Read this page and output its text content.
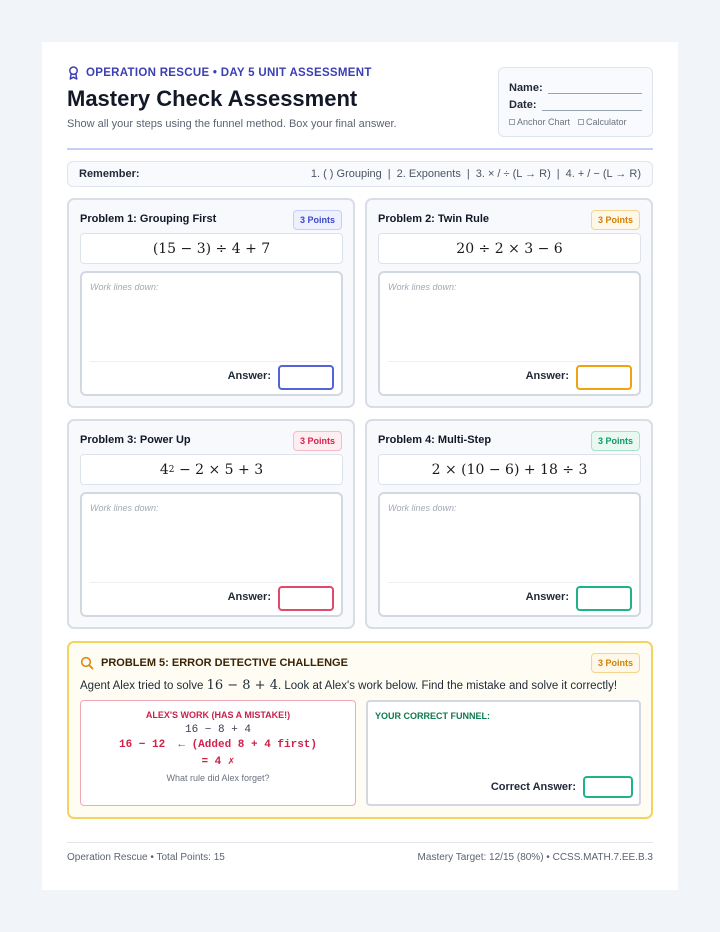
OPERATION RESCUE • DAY 5 UNIT ASSESSMENT
Mastery Check Assessment
Show all your steps using the funnel method. Box your final answer.
Name:
Date:
Anchor Chart	Calculator
Remember:	1. ( ) Grouping | 2. Exponents | 3. × / ÷ (L → R) | 4. + / − (L → R)
Problem 1: Grouping First	3 Points
(15 − 3) ÷ 4 + 7
Work lines down:
Answer:
Problem 2: Twin Rule	3 Points
20 ÷ 2 × 3 − 6
Work lines down:
Answer:
Problem 3: Power Up	3 Points
4 2 − 2 × 5 + 3
Work lines down:
Answer:
Problem 4: Multi-Step	3 Points
2 × (10 − 6) + 18 ÷ 3
Work lines down:
Answer:
PROBLEM 5: ERROR DETECTIVE CHALLENGE	3 Points
Agent Alex tried to solve 16 − 8 + 4. Look at Alex's work below. Find the mistake and solve it correctly!
ALEX'S WORK (HAS A MISTAKE!)
16 − 8 + 4
16 − 12  ← (Added 8 + 4 first)
= 4 ✗
What rule did Alex forget?
YOUR CORRECT FUNNEL:
Correct Answer:
Operation Rescue • Total Points: 15	Mastery Target: 12/15 (80%) • CCSS.MATH.7.EE.B.3
